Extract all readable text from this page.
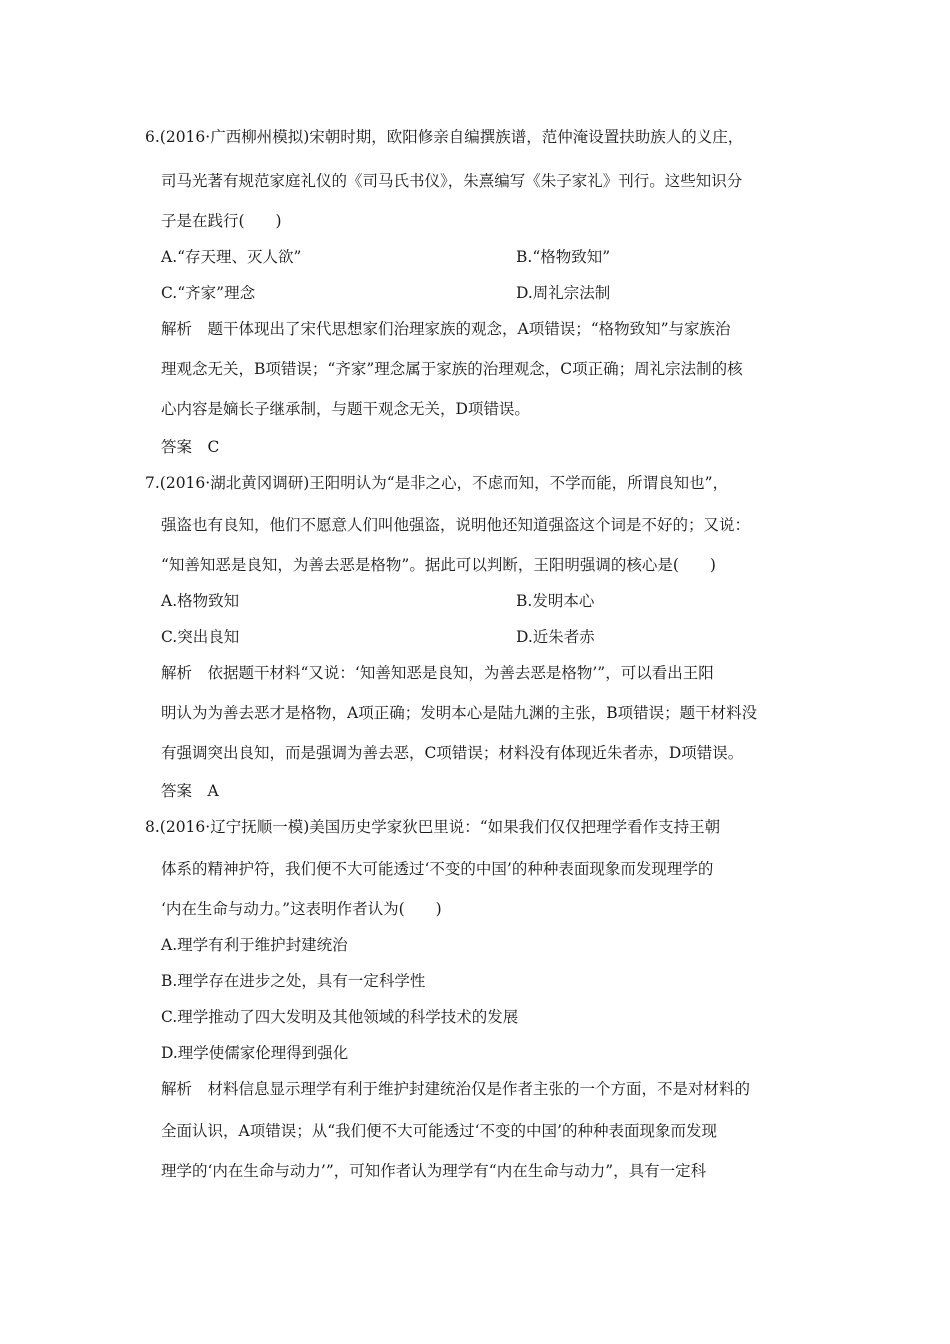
6.(2016·广西柳州模拟)宋朝时期，欧阳修亲自编撰族谱，范仲淹设置扶助族人的义庄，
司马光著有规范家庭礼仪的《司马氏书仪》，朱熹编写《朱子家礼》刊行。这些知识分
子是在践行(　　)
A.“存天理、灭人欲”	B.“格物致知”
C.“齐家”理念	D.周礼宗法制
解析　题干体现出了宋代思想家们治理家族的观念，A项错误；“格物致知”与家族治
理观念无关，B项错误；“齐家”理念属于家族的治理观念，C项正确；周礼宗法制的核
心内容是嫡长子继承制，与题干观念无关，D项错误。
答案　C
7.(2016·湖北黄冈调研)王阳明认为“是非之心，不虑而知，不学而能，所谓良知也”，
强盗也有良知，他们不愿意人们叫他强盗，说明他还知道强盗这个词是不好的；又说：
“知善知恶是良知，为善去恶是格物”。据此可以判断，王阳明强调的核心是(　　)
A.格物致知	B.发明本心
C.突出良知	D.近朱者赤
解析　依据题干材料“又说：‘知善知恶是良知，为善去恶是格物’”，可以看出王阳
明认为为善去恶才是格物，A项正确；发明本心是陆九渊的主张，B项错误；题干材料没
有强调突出良知，而是强调为善去恶，C项错误；材料没有体现近朱者赤，D项错误。
答案　A
8.(2016·辽宁抚顺一模)美国历史学家狄巴里说：“如果我们仅仅把理学看作支持王朝
体系的精神护符，我们便不大可能透过‘不变的中国’的种种表面现象而发现理学的
‘内在生命与动力。”这表明作者认为(　　)
A.理学有利于维护封建统治
B.理学存在进步之处，具有一定科学性
C.理学推动了四大发明及其他领域的科学技术的发展
D.理学使儒家伦理得到强化
解析　材料信息显示理学有利于维护封建统治仅是作者主张的一个方面，不是对材料的
全面认识，A项错误；从“我们便不大可能透过‘不变的中国’的种种表面现象而发现
理学的‘内在生命与动力’”，可知作者认为理学有“内在生命与动力”，具有一定科
